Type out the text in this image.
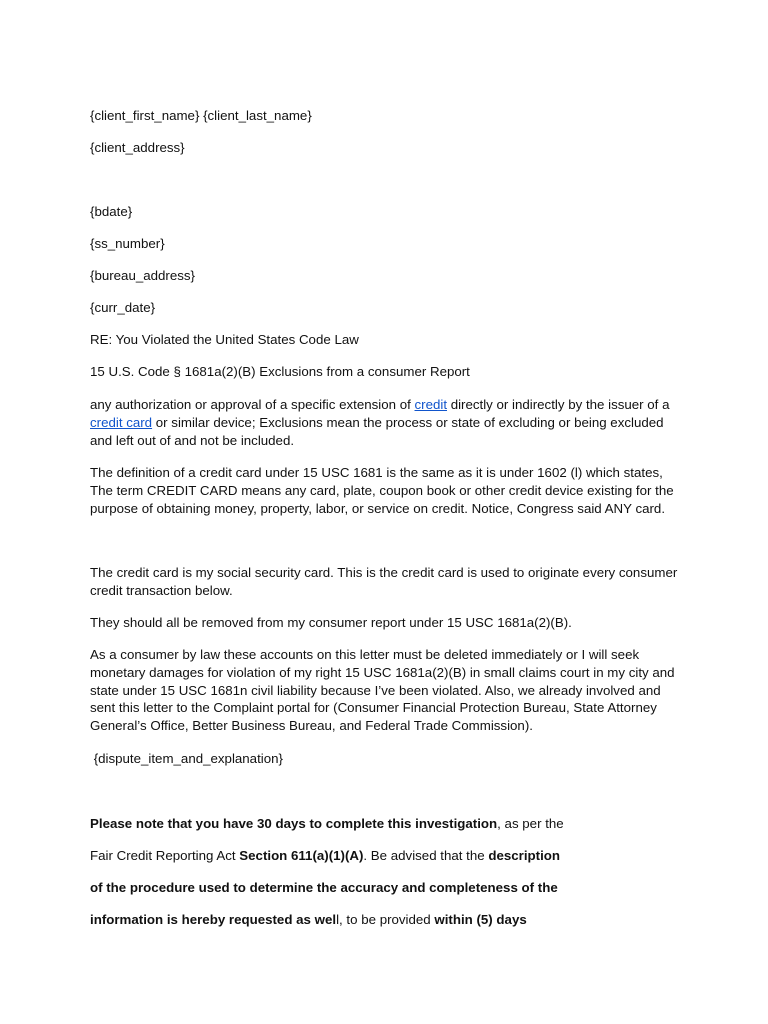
{client_first_name} {client_last_name}
{client_address}
{bdate}
{ss_number}
{bureau_address}
{curr_date}
RE: You Violated the United States Code Law
15 U.S. Code § 1681a(2)(B) Exclusions from a consumer Report
any authorization or approval of a specific extension of credit directly or indirectly by the issuer of a credit card or similar device; Exclusions mean the process or state of excluding or being excluded and left out of and not be included.
The definition of a credit card under 15 USC 1681 is the same as it is under 1602 (l) which states, The term CREDIT CARD means any card, plate, coupon book or other credit device existing for the purpose of obtaining money, property, labor, or service on credit. Notice, Congress said ANY card.
The credit card is my social security card. This is the credit card is used to originate every consumer credit transaction below.
They should all be removed from my consumer report under 15 USC 1681a(2)(B).
As a consumer by law these accounts on this letter must be deleted immediately or I will seek monetary damages for violation of my right 15 USC 1681a(2)(B) in small claims court in my city and state under 15 USC 1681n civil liability because I’ve been violated. Also, we already involved and sent this letter to the Complaint portal for (Consumer Financial Protection Bureau, State Attorney General’s Office, Better Business Bureau, and Federal Trade Commission).
{dispute_item_and_explanation}
Please note that you have 30 days to complete this investigation, as per the
Fair Credit Reporting Act Section 611(a)(1)(A). Be advised that the description
of the procedure used to determine the accuracy and completeness of the
information is hereby requested as well, to be provided within (5) days
